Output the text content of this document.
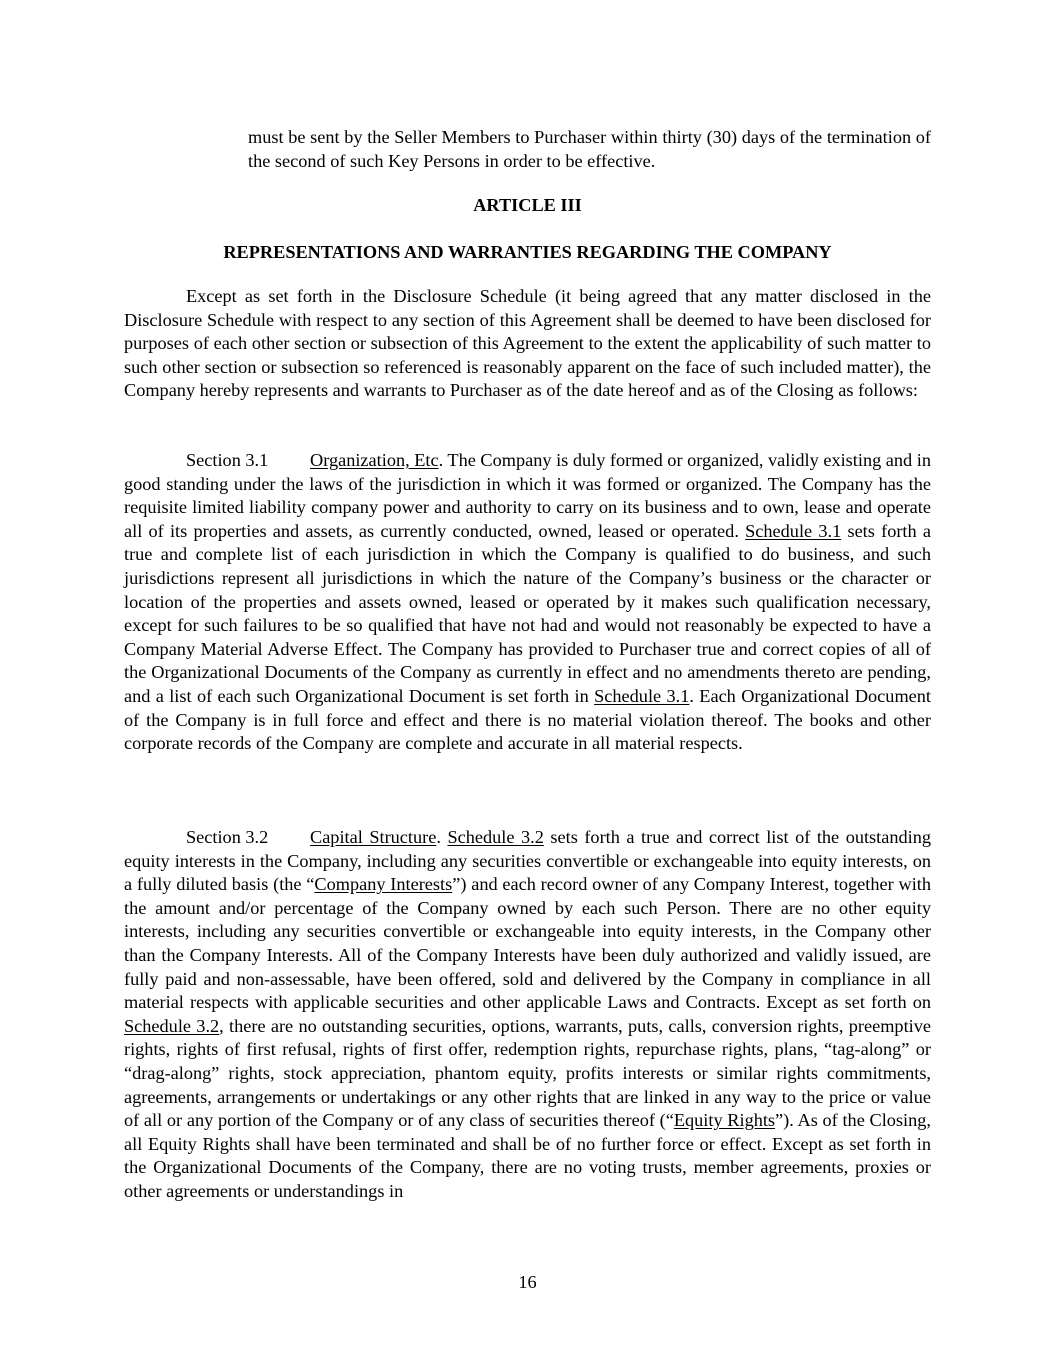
must be sent by the Seller Members to Purchaser within thirty (30) days of the termination of the second of such Key Persons in order to be effective.

ARTICLE III

REPRESENTATIONS AND WARRANTIES REGARDING THE COMPANY

Except as set forth in the Disclosure Schedule (it being agreed that any matter disclosed in the Disclosure Schedule with respect to any section of this Agreement shall be deemed to have been disclosed for purposes of each other section or subsection of this Agreement to the extent the applicability of such matter to such other section or subsection so referenced is reasonably apparent on the face of such included matter), the Company hereby represents and warrants to Purchaser as of the date hereof and as of the Closing as follows:

Section 3.1 Organization, Etc. The Company is duly formed or organized, validly existing and in good standing under the laws of the jurisdiction in which it was formed or organized. The Company has the requisite limited liability company power and authority to carry on its business and to own, lease and operate all of its properties and assets, as currently conducted, owned, leased or operated. Schedule 3.1 sets forth a true and complete list of each jurisdiction in which the Company is qualified to do business, and such jurisdictions represent all jurisdictions in which the nature of the Company’s business or the character or location of the properties and assets owned, leased or operated by it makes such qualification necessary, except for such failures to be so qualified that have not had and would not reasonably be expected to have a Company Material Adverse Effect. The Company has provided to Purchaser true and correct copies of all of the Organizational Documents of the Company as currently in effect and no amendments thereto are pending, and a list of each such Organizational Document is set forth in Schedule 3.1. Each Organizational Document of the Company is in full force and effect and there is no material violation thereof. The books and other corporate records of the Company are complete and accurate in all material respects.

Section 3.2 Capital Structure. Schedule 3.2 sets forth a true and correct list of the outstanding equity interests in the Company, including any securities convertible or exchangeable into equity interests, on a fully diluted basis (the “Company Interests”) and each record owner of any Company Interest, together with the amount and/or percentage of the Company owned by each such Person. There are no other equity interests, including any securities convertible or exchangeable into equity interests, in the Company other than the Company Interests. All of the Company Interests have been duly authorized and validly issued, are fully paid and non-assessable, have been offered, sold and delivered by the Company in compliance in all material respects with applicable securities and other applicable Laws and Contracts. Except as set forth on Schedule 3.2, there are no outstanding securities, options, warrants, puts, calls, conversion rights, preemptive rights, rights of first refusal, rights of first offer, redemption rights, repurchase rights, plans, “tag-along” or “drag-along” rights, stock appreciation, phantom equity, profits interests or similar rights commitments, agreements, arrangements or undertakings or any other rights that are linked in any way to the price or value of all or any portion of the Company or of any class of securities thereof (“Equity Rights”). As of the Closing, all Equity Rights shall have been terminated and shall be of no further force or effect. Except as set forth in the Organizational Documents of the Company, there are no voting trusts, member agreements, proxies or other agreements or understandings in

16
